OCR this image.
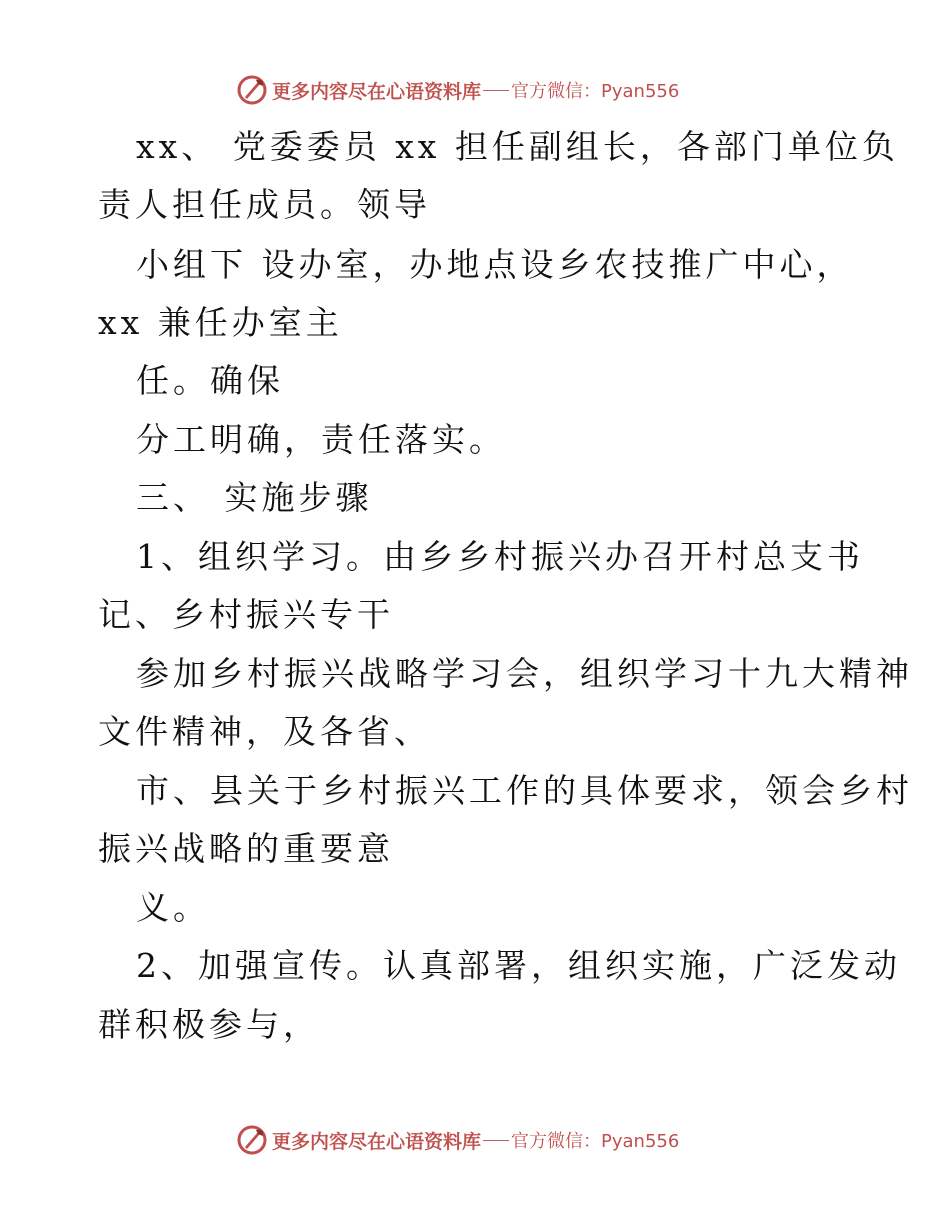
更多内容尽在心语资料库 官方微信：Pyan556
xx、 党委委员 xx 担任副组长，各部门单位负
责人担任成员。领导
小组下 设办室，办地点设乡农技推广中心，
xx 兼任办室主
任。确保
分工明确，责任落实。
三、 实施步骤
1、组织学习。由乡乡村振兴办召开村总支书
记、乡村振兴专干
参加乡村振兴战略学习会，组织学习十九大精神
文件精神，及各省、
市、县关于乡村振兴工作的具体要求，领会乡村
振兴战略的重要意
义。
2、加强宣传。认真部署，组织实施，广泛发动
群积极参与，
更多内容尽在心语资料库 官方微信：Pyan556
